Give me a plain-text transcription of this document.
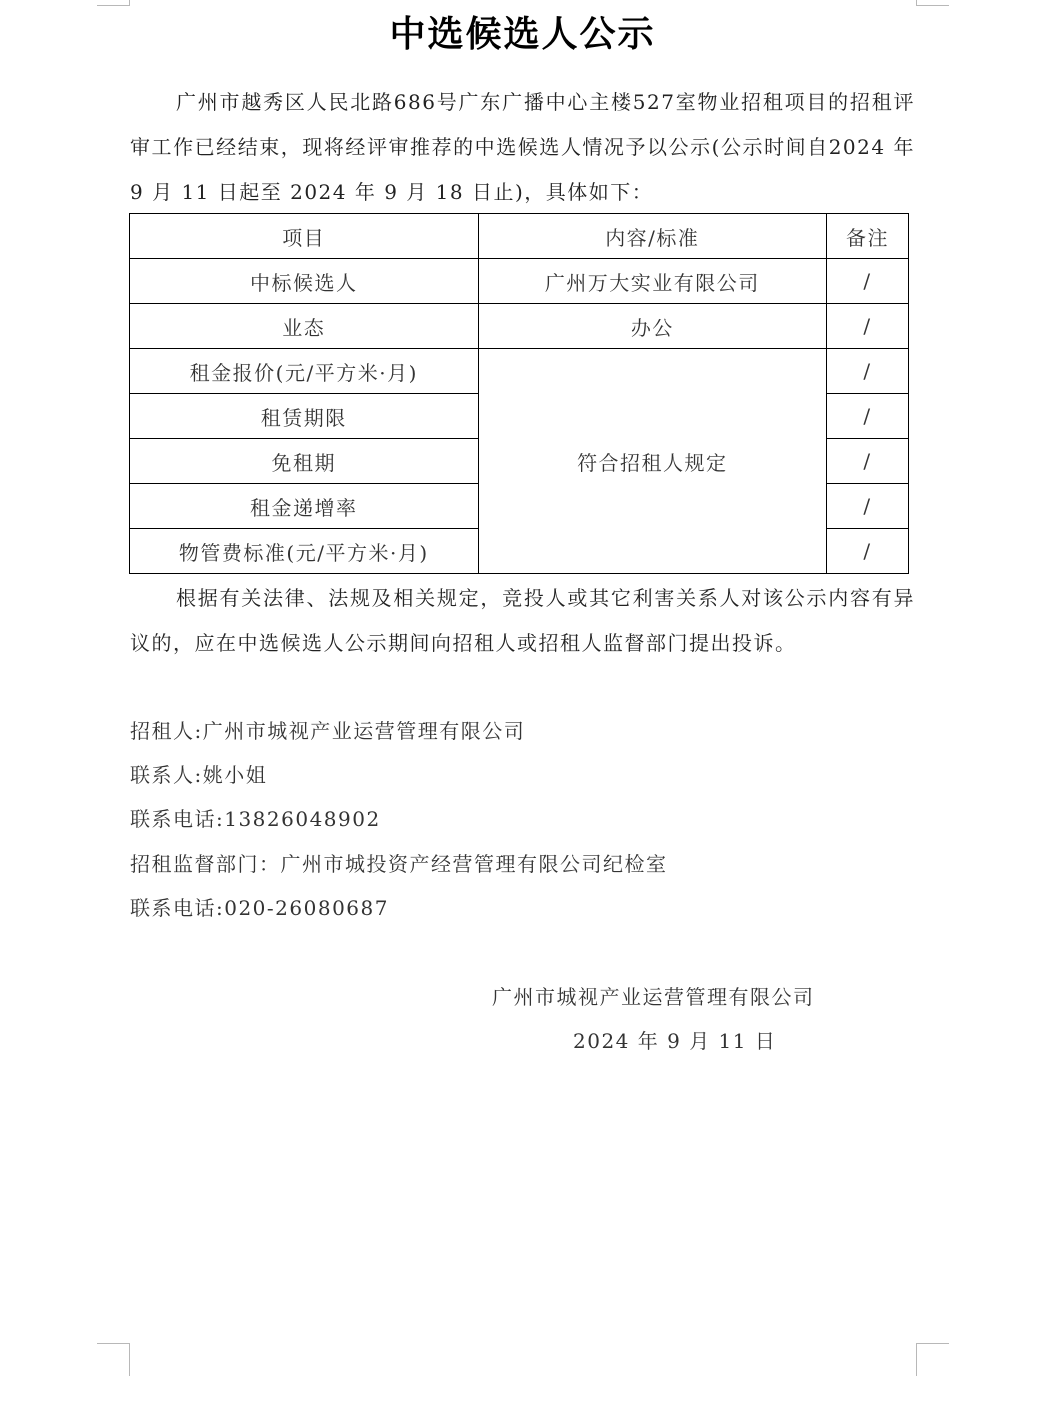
中选候选人公示

广州市越秀区人民北路686号广东广播中心主楼527室物业招租项目的招租评审工作已经结束，现将经评审推荐的中选候选人情况予以公示(公示时间自2024 年 9 月 11 日起至 2024 年 9 月 18 日止)，具体如下：

项目	内容/标准	备注
中标候选人	广州万大实业有限公司	/
业态	办公	/
租金报价(元/平方米·月)	符合招租人规定	/
租赁期限		/
免租期		/
租金递增率		/
物管费标准(元/平方米·月)		/

根据有关法律、法规及相关规定，竞投人或其它利害关系人对该公示内容有异议的，应在中选候选人公示期间向招租人或招租人监督部门提出投诉。

招租人:广州市城视产业运营管理有限公司
联系人:姚小姐
联系电话:13826048902
招租监督部门：广州市城投资产经营管理有限公司纪检室
联系电话:020-26080687
广州市城视产业运营管理有限公司
2024 年 9 月 11 日
